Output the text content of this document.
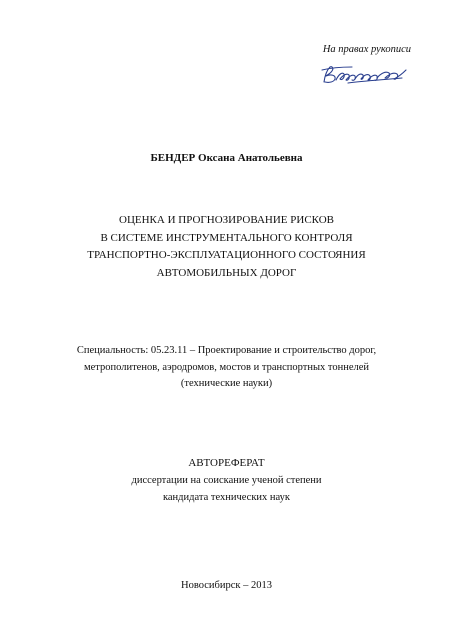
На правах рукописи
БЕНДЕР Оксана Анатольевна
ОЦЕНКА И ПРОГНОЗИРОВАНИЕ РИСКОВ
В СИСТЕМЕ ИНСТРУМЕНТАЛЬНОГО КОНТРОЛЯ
ТРАНСПОРТНО-ЭКСПЛУАТАЦИОННОГО СОСТОЯНИЯ
АВТОМОБИЛЬНЫХ ДОРОГ
Специальность: 05.23.11 – Проектирование и строительство дорог,
метрополитенов, аэродромов, мостов и транспортных тоннелей
(технические науки)
АВТОРЕФЕРАТ
диссертации на соискание ученой степени
кандидата технических наук
Новосибирск – 2013
